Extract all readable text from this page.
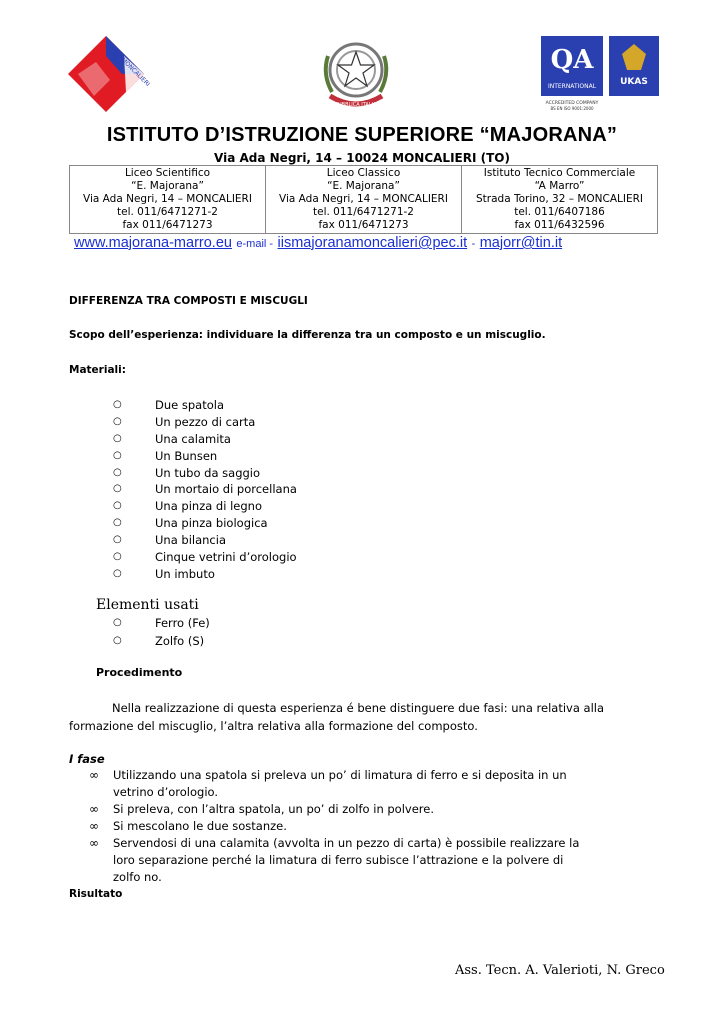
MONCALIERI
REPUBBLICA ITALIANA
QA
INTERNATIONAL
ACCREDITED COMPANY
BS EN ISO 9001:2000
UKAS
ISTITUTO D’ISTRUZIONE SUPERIORE “MAJORANA”
Via Ada Negri, 14 – 10024 MONCALIERI (TO)
Liceo Scientifico
“E. Majorana”
Via Ada Negri, 14 – MONCALIERI
tel. 011/6471271-2
fax 011/6471273

Liceo Classico
“E. Majorana”
Via Ada Negri, 14 – MONCALIERI
tel. 011/6471271-2
fax 011/6471273

Istituto Tecnico Commerciale
“A Marro”
Strada Torino, 32 – MONCALIERI
tel. 011/6407186
fax 011/6432596
www.majorana-marro.eu e-mail - iismajoranamoncalieri@pec.it - majorr@tin.it
DIFFERENZA TRA COMPOSTI E MISCUGLI
Scopo dell’esperienza: individuare la differenza tra un composto e un miscuglio.
Materiali:
○	Due spatola
○	Un pezzo di carta
○	Una calamita
○	Un Bunsen
○	Un tubo da saggio
○	Un mortaio di porcellana
○	Una pinza di legno
○	Una pinza biologica
○	Una bilancia
○	Cinque vetrini d’orologio
○	Un imbuto
Elementi usati
○	Ferro (Fe)
○	Zolfo (S)
Procedimento
Nella realizzazione di questa esperienza é bene distinguere due fasi: una relativa alla formazione del miscuglio, l’altra relativa alla formazione del composto.
I fase
∞ Utilizzando una spatola si preleva un po’ di limatura di ferro e si deposita in un vetrino d’orologio.
∞ Si preleva, con l’altra spatola, un po’ di zolfo in polvere.
∞ Si mescolano le due sostanze.
∞ Servendosi di una calamita (avvolta in un pezzo di carta) è possibile realizzare la loro separazione perché la limatura di ferro subisce l’attrazione e la polvere di zolfo no.
Risultato
Ass. Tecn. A. Valerioti, N. Greco
